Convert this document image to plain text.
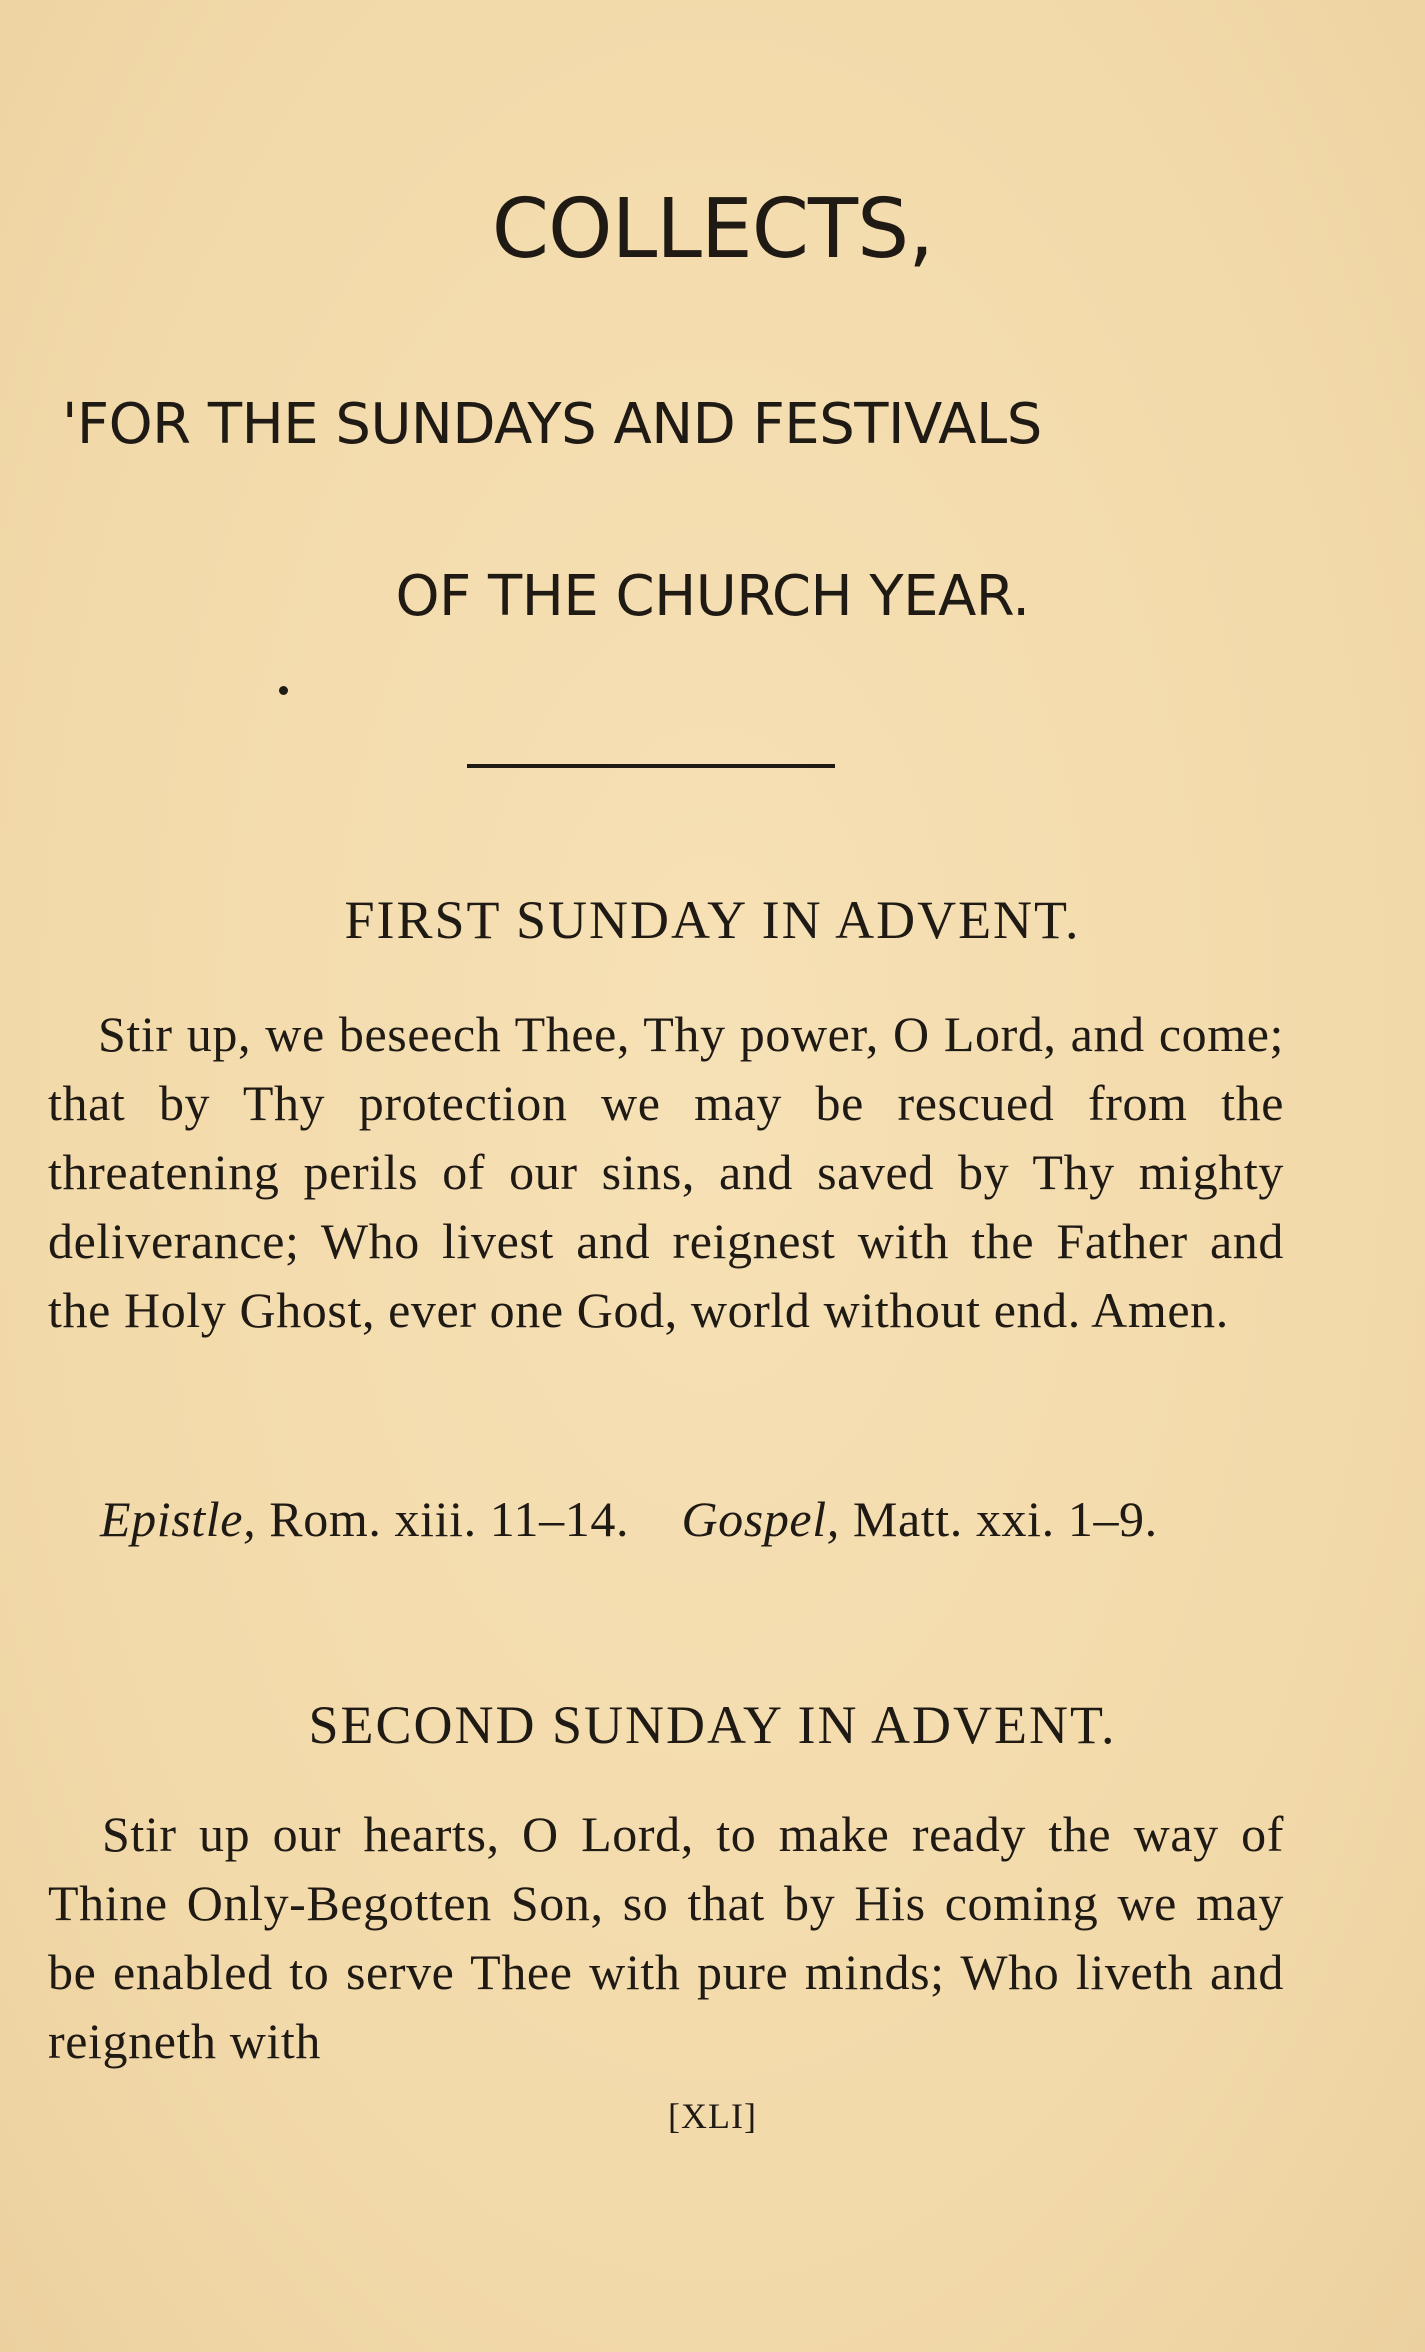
COLLECTS,

'FOR THE SUNDAYS AND FESTIVALS

OF THE CHURCH YEAR.

FIRST SUNDAY IN ADVENT.

Stir up, we beseech Thee, Thy power, O Lord, and come; that by Thy protection we may be rescued from the threatening perils of our sins, and saved by Thy mighty deliverance; Who livest and reignest with the Father and the Holy Ghost, ever one God, world without end. Amen.

Epistle, Rom. xiii. 11–14. Gospel, Matt. xxi. 1–9.

SECOND SUNDAY IN ADVENT.

Stir up our hearts, O Lord, to make ready the way of Thine Only-Begotten Son, so that by His coming we may be enabled to serve Thee with pure minds; Who liveth and reigneth with

[XLI]
